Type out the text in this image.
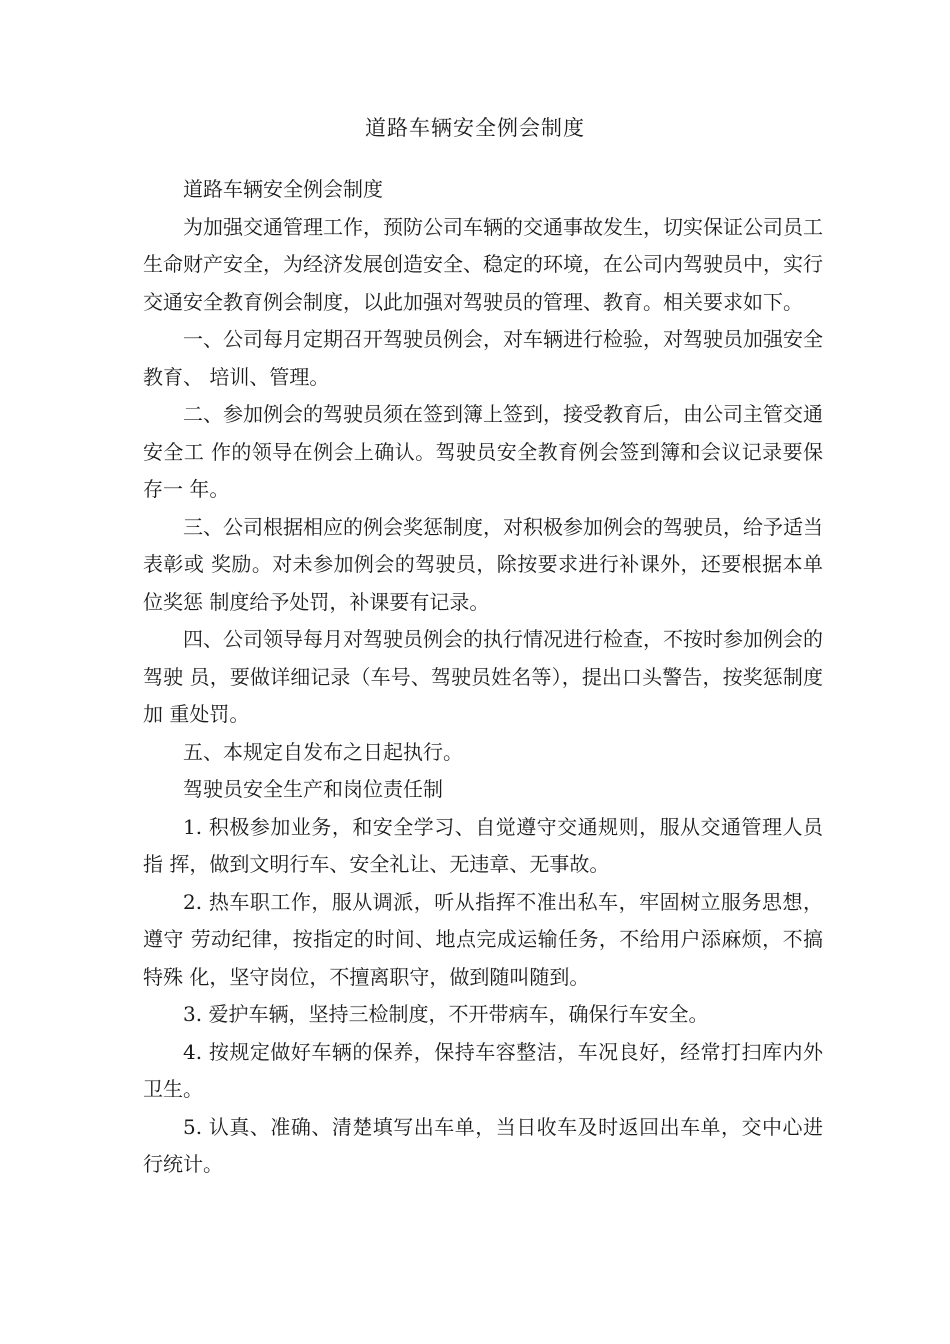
道路车辆安全例会制度

道路车辆安全例会制度

为加强交通管理工作，预防公司车辆的交通事故发生，切实保证公司员工生命财产安全，为经济发展创造安全、稳定的环境，在公司内驾驶员中，实行交通安全教育例会制度，以此加强对驾驶员的管理、教育。相关要求如下。

一、公司每月定期召开驾驶员例会，对车辆进行检验，对驾驶员加强安全教育、 培训、管理。

二、参加例会的驾驶员须在签到簿上签到，接受教育后，由公司主管交通安全工 作的领导在例会上确认。驾驶员安全教育例会签到簿和会议记录要保存一 年。

三、公司根据相应的例会奖惩制度，对积极参加例会的驾驶员，给予适当表彰或 奖励。对未参加例会的驾驶员，除按要求进行补课外，还要根据本单位奖惩 制度给予处罚，补课要有记录。

四、公司领导每月对驾驶员例会的执行情况进行检查，不按时参加例会的驾驶 员，要做详细记录（车号、驾驶员姓名等），提出口头警告，按奖惩制度加 重处罚。

五、本规定自发布之日起执行。

驾驶员安全生产和岗位责任制

1. 积极参加业务，和安全学习、自觉遵守交通规则，服从交通管理人员指 挥，做到文明行车、安全礼让、无违章、无事故。

2. 热车职工作，服从调派，听从指挥不准出私车，牢固树立服务思想，遵守 劳动纪律，按指定的时间、地点完成运输任务，不给用户添麻烦，不搞特殊 化，坚守岗位，不擅离职守，做到随叫随到。

3. 爱护车辆，坚持三检制度，不开带病车，确保行车安全。

4. 按规定做好车辆的保养，保持车容整洁，车况良好，经常打扫库内外卫生。

5. 认真、准确、清楚填写出车单，当日收车及时返回出车单，交中心进行统计。
